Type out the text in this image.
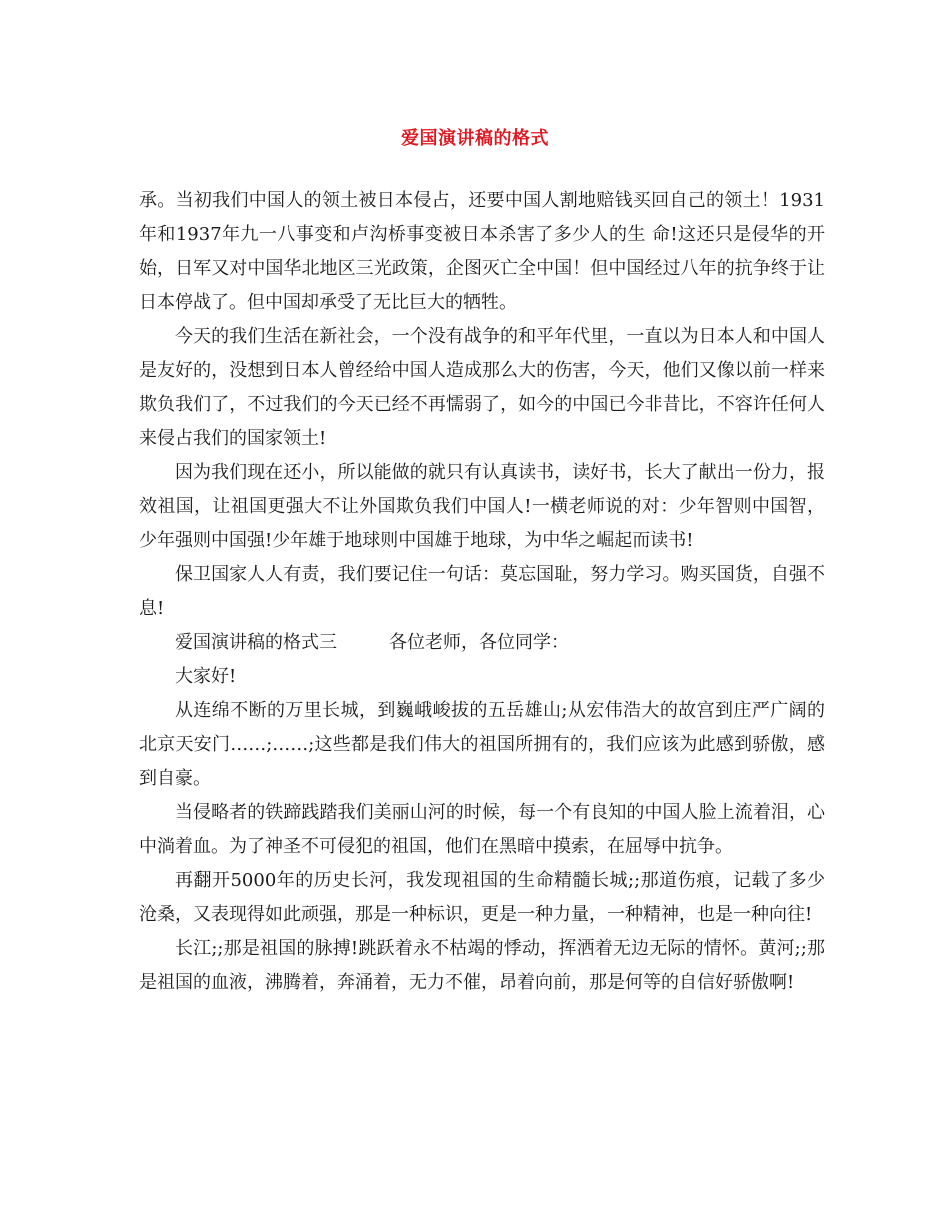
爱国演讲稿的格式

承。当初我们中国人的领土被日本侵占，还要中国人割地赔钱买回自己的领土！1931年和1937年九一八事变和卢沟桥事变被日本杀害了多少人的生 命!这还只是侵华的开始，日军又对中国华北地区三光政策，企图灭亡全中国！但中国经过八年的抗争终于让日本停战了。但中国却承受了无比巨大的牺牲。

今天的我们生活在新社会，一个没有战争的和平年代里，一直以为日本人和中国人是友好的，没想到日本人曾经给中国人造成那么大的伤害，今天，他们又像以前一样来欺负我们了，不过我们的今天已经不再懦弱了，如今的中国已今非昔比，不容许任何人来侵占我们的国家领土!

因为我们现在还小，所以能做的就只有认真读书，读好书，长大了献出一份力，报效祖国，让祖国更强大不让外国欺负我们中国人!一横老师说的对：少年智则中国智，少年强则中国强!少年雄于地球则中国雄于地球，为中华之崛起而读书!

保卫国家人人有责，我们要记住一句话：莫忘国耻，努力学习。购买国货，自强不息!

爱国演讲稿的格式三	各位老师，各位同学：

大家好!

从连绵不断的万里长城，到巍峨峻拔的五岳雄山;从宏伟浩大的故宫到庄严广阔的北京天安门……;……;这些都是我们伟大的祖国所拥有的，我们应该为此感到骄傲，感到自豪。

当侵略者的铁蹄践踏我们美丽山河的时候，每一个有良知的中国人脸上流着泪，心中淌着血。为了神圣不可侵犯的祖国，他们在黑暗中摸索，在屈辱中抗争。

再翻开5000年的历史长河，我发现祖国的生命精髓长城;;那道伤痕，记载了多少沧桑，又表现得如此顽强，那是一种标识，更是一种力量，一种精神，也是一种向往!

长江;;那是祖国的脉搏!跳跃着永不枯竭的悸动，挥洒着无边无际的情怀。黄河;;那是祖国的血液，沸腾着，奔涌着，无力不催，昂着向前，那是何等的自信好骄傲啊!
